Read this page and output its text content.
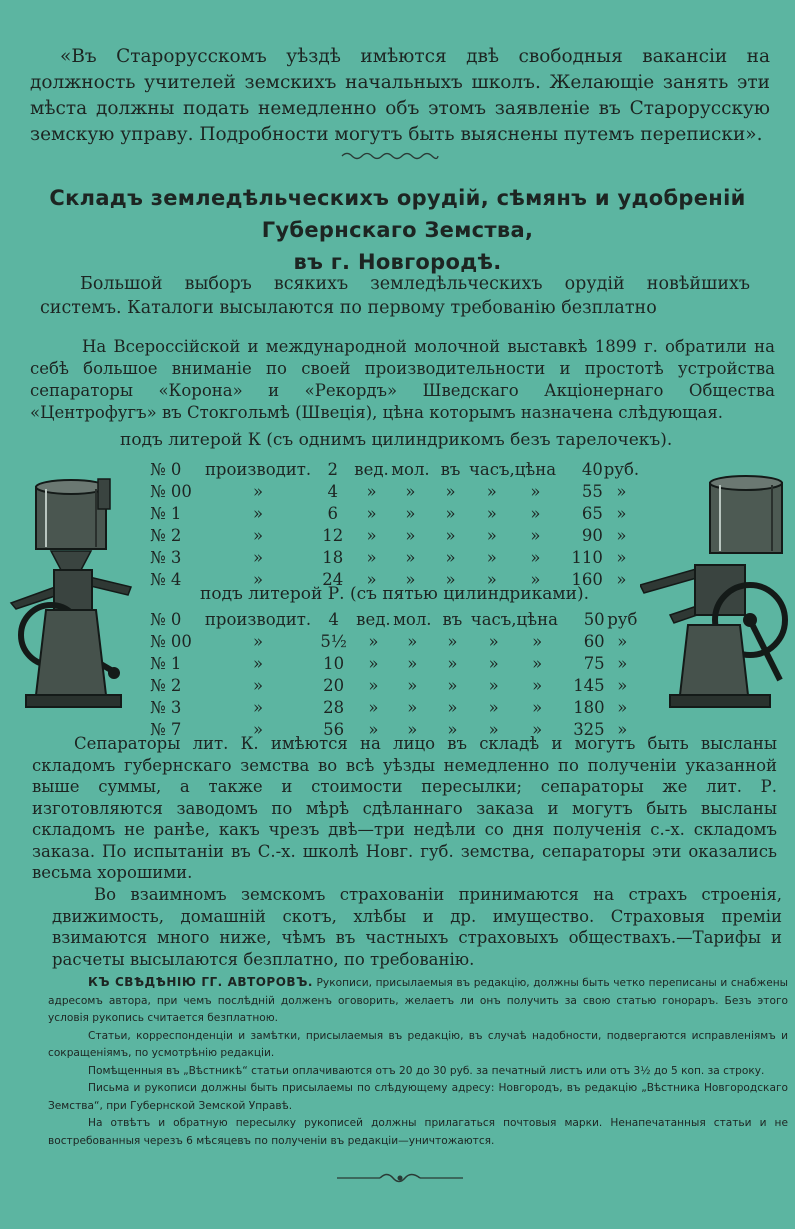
«Въ Старорусскомъ уѣздѣ имѣются двѣ свободныя вакансіи на должность учителей земскихъ начальныхъ школъ. Желающіе занять эти мѣста должны подать немедленно объ этомъ заявленіе въ Старорусскую земскую управу. Подробности могутъ быть выяснены путемъ переписки».
Складъ земледѣльческихъ орудій, сѣмянъ и удобреній Губернскаго Земства,
въ г. Новгородѣ.
Большой выборъ всякихъ земледѣльческихъ орудій новѣйшихъ системъ. Каталоги высылаются по первому требованію безплатно
На Всероссійской и международной молочной выставкѣ 1899 г. обратили на себѣ большое вниманіе по своей производительности и простотѣ устройства сепараторы «Корона» и «Рекордъ» Шведскаго Акціонернаго Общества «Центрофугъ» въ Стокгольмѣ (Швеція), цѣна которымъ назначена слѣдующая.
подъ литерой К (съ однимъ цилиндрикомъ безъ тарелочекъ).
№ 0	производит.	2	вед.	мол.	въ	часъ,	цѣна	40	руб.
№ 00	»	4	»	»	»	»	»	55	»
№ 1	»	6	»	»	»	»	»	65	»
№ 2	»	12	»	»	»	»	»	90	»
№ 3	»	18	»	»	»	»	»	110	»
№ 4	»	24	»	»	»	»	»	160	»
подъ литерой Р. (съ пятью цилиндриками).
№ 0	производит.	4	вед.	мол.	въ	часъ,	цѣна	50	руб
№ 00	»	5½	»	»	»	»	»	60	»
№ 1	»	10	»	»	»	»	»	75	»
№ 2	»	20	»	»	»	»	»	145	»
№ 3	»	28	»	»	»	»	»	180	»
№ 7	»	56	»	»	»	»	»	325	»
Сепараторы лит. К. имѣются на лицо въ складѣ и могутъ быть высланы складомъ губернскаго земства во всѣ уѣзды немедленно по полученіи указанной выше суммы, а также и стоимости пересылки; сепараторы же лит. Р. изготовляются заводомъ по мѣрѣ сдѣланнаго заказа и могутъ быть высланы складомъ не ранѣе, какъ чрезъ двѣ—три недѣли со дня полученія с.-х. складомъ заказа. По испытаніи въ С.-х. школѣ Новг. губ. земства, сепараторы эти оказались весьма хорошими.
Во взаимномъ земскомъ страхованіи принимаются на страхъ строенія, движимость, домашній скотъ, хлѣбы и др. имущество. Страховыя преміи взимаются много ниже, чѣмъ въ частныхъ страховыхъ обществахъ.—Тарифы и расчеты высылаются безплатно, по требованію.

КЪ СВѢДѢНІЮ ГГ. АВТОРОВЪ. Рукописи, присылаемыя въ редакцію, должны быть четко переписаны и снабжены адресомъ автора, при чемъ послѣдній долженъ оговорить, желаетъ ли онъ получить за свою статью гонораръ. Безъ этого условія рукопись считается безплатною.

Статьи, корреспонденціи и замѣтки, присылаемыя въ редакцію, въ случаѣ надобности, подвергаются исправленіямъ и сокращеніямъ, по усмотрѣнію редакціи.

Помѣщенныя въ „Вѣстникѣ“ статьи оплачиваются отъ 20 до 30 руб. за печатный листъ или отъ 3½ до 5 коп. за строку.

Письма и рукописи должны быть присылаемы по слѣдующему адресу: Новгородъ, въ редакцію „Вѣстника Новгородскаго Земства“, при Губернской Земской Управѣ.

На отвѣтъ и обратную пересылку рукописей должны прилагаться почтовыя марки. Ненапечатанныя статьи и не востребованныя черезъ 6 мѣсяцевъ по полученіи въ редакціи—уничтожаются.
